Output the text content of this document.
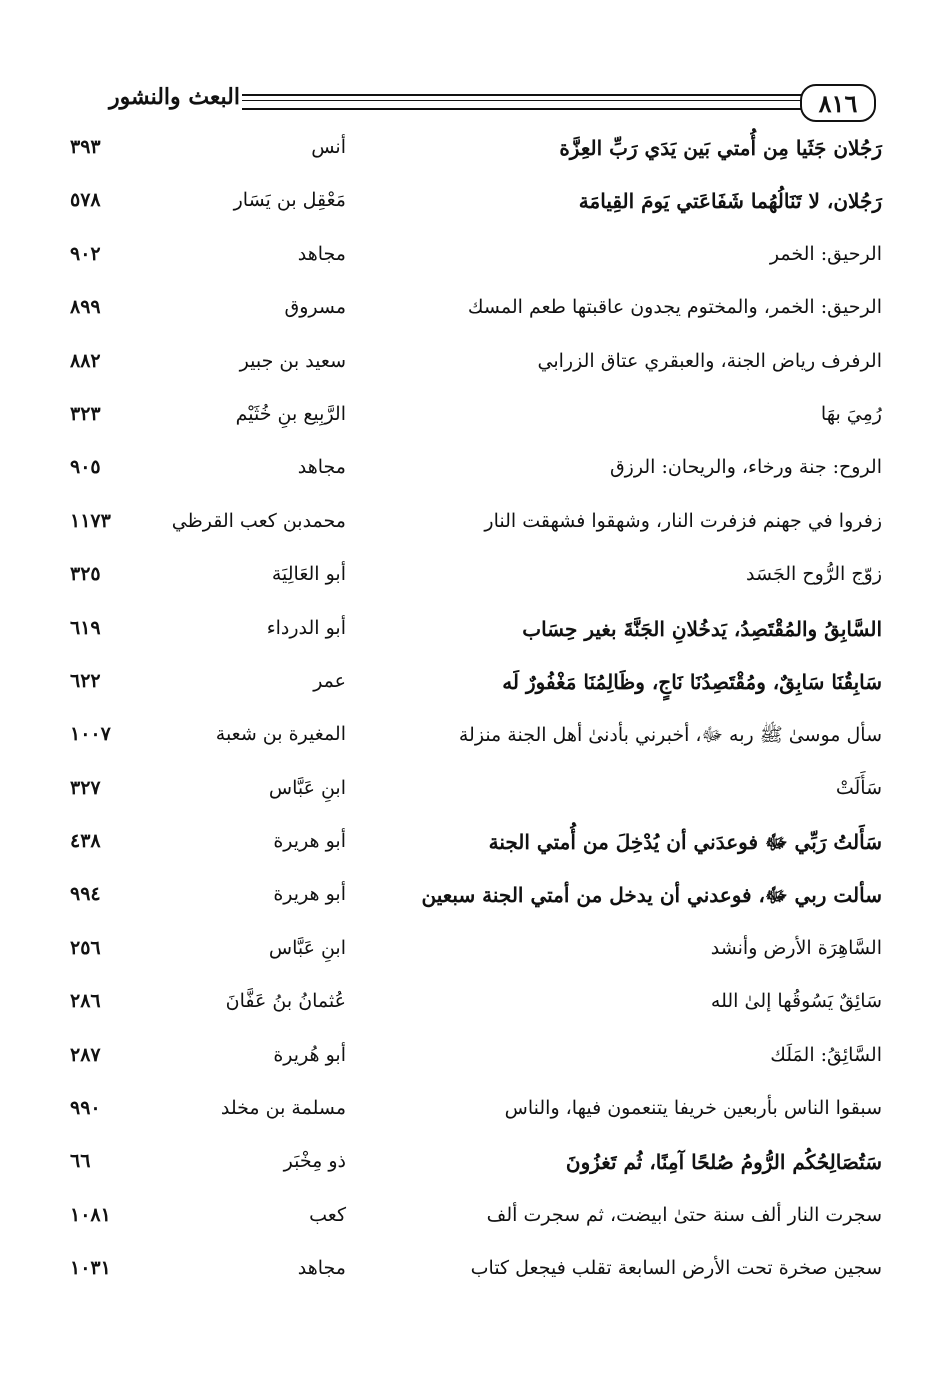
٨١٦
البعث والنشور
رَجُلان جَثَيا مِن أُمتي بَين يَدَي رَبِّ العِزَّة
أنس
٣٩٣
رَجُلان، لا تَنَالُهُما شَفَاعَتي يَومَ القِيامَة
مَعْقِل بن يَسَار
٥٧٨
الرحيق: الخمر
مجاهد
٩٠٢
الرحيق: الخمر، والمختوم يجدون عاقبتها طعم المسك
مسروق
٨٩٩
الرفرف رياض الجنة، والعبقري عتاق الزرابي
سعيد بن جبير
٨٨٢
رُمِيَ بهَا
الرَّبِيع بنِ خُثَيْم
٣٢٣
الروح: جنة ورخاء، والريحان: الرزق
مجاهد
٩٠٥
زفروا في جهنم فزفرت النار، وشهقوا فشهقت النار
محمدبن كعب القرظي
١١٧٣
زوّج الرُّوح الجَسَد
أبو العَالِيَة
٣٢٥
السَّابِقُ والمُقْتَصِدُ، يَدخُلانِ الجَنَّةَ بغير حِسَاب
أبو الدرداء
٦١٩
سَابِقُنَا سَابِقٌ، ومُقْتَصِدُنَا نَاجٍ، وظَالِمُنَا مَغْفُورٌ لَه
عمر
٦٢٢
سأل موسىٰ ﷺ ربه ﷻ، أخبرني بأدنىٰ أهل الجنة منزلة
المغيرة بن شعبة
١٠٠٧
سَأَلَتْ
ابنِ عَبَّاس
٣٢٧
سَأَلتُ رَبِّي ﷻ فوعدَني أن يُدْخِلَ من أُمتي الجنة
أبو هريرة
٤٣٨
سألت ربي ﷻ، فوعدني أن يدخل من أمتي الجنة سبعين
أبو هريرة
٩٩٤
السَّاهِرَة الأرض وأنشد
ابنِ عَبَّاس
٢٥٦
سَائِقٌ يَسُوقُها إلىٰ الله
عُثمانُ بنُ عَفَّانَ
٢٨٦
السَّائِقُ: المَلَك
أبو هُريرة
٢٨٧
سبقوا الناس بأربعين خريفا يتنعمون فيها، والناس
مسلمة بن مخلد
٩٩٠
سَتُصَالِحُكُم الرُّومُ صُلحًا آمِنًا، ثُم تَغزُونَ
ذو مِخْبَر
٦٦
سجرت النار ألف سنة حتىٰ ابيضت، ثم سجرت ألف
كعب
١٠٨١
سجين صخرة تحت الأرض السابعة تقلب فيجعل كتاب
مجاهد
١٠٣١
